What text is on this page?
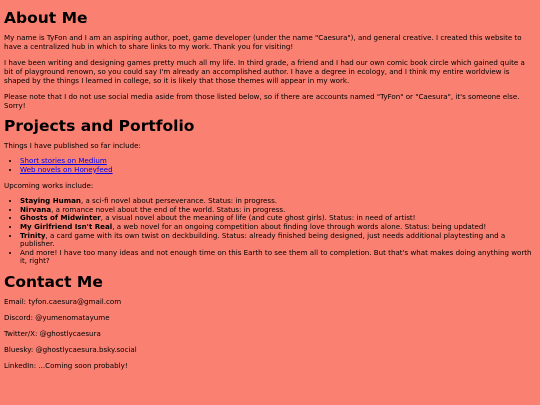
About Me

My name is TyFon and I am an aspiring author, poet, game developer (under the name "Caesura"), and general creative. I created this website to have a centralized hub in which to share links to my work. Thank you for visiting!

I have been writing and designing games pretty much all my life. In third grade, a friend and I had our own comic book circle which gained quite a bit of playground renown, so you could say I'm already an accomplished author. I have a degree in ecology, and I think my entire worldview is shaped by the things I learned in college, so it is likely that those themes will appear in my work.

Please note that I do not use social media aside from those listed below, so if there are accounts named "TyFon" or "Caesura", it's someone else. Sorry!

Projects and Portfolio

Things I have published so far include:

• Short stories on Medium
• Web novels on Honeyfeed

Upcoming works include:

• Staying Human, a sci-fi novel about perseverance. Status: in progress.
• Nirvana, a romance novel about the end of the world. Status: in progress.
• Ghosts of Midwinter, a visual novel about the meaning of life (and cute ghost girls). Status: in need of artist!
• My Girlfriend Isn't Real, a web novel for an ongoing competition about finding love through words alone. Status: being updated!
• Trinity, a card game with its own twist on deckbuilding. Status: already finished being designed, just needs additional playtesting and a publisher.
• And more! I have too many ideas and not enough time on this Earth to see them all to completion. But that's what makes doing anything worth it, right?
Contact Me

Email: tyfon.caesura@gmail.com

Discord: @yumenomatayume

Twitter/X: @ghostlycaesura

Bluesky: @ghostlycaesura.bsky.social

LinkedIn: ...Coming soon probably!
